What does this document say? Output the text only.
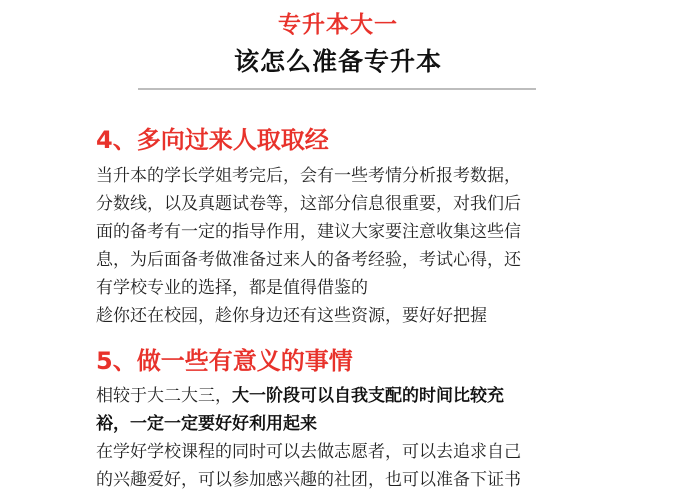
专升本大一
该怎么准备专升本
4、多向过来人取取经
当升本的学长学姐考完后，会有一些考情分析报考数据，
分数线，以及真题试卷等，这部分信息很重要，对我们后
面的备考有一定的指导作用，建议大家要注意收集这些信
息，为后面备考做准备过来人的备考经验，考试心得，还
有学校专业的选择，都是值得借鉴的
趁你还在校园，趁你身边还有这些资源，要好好把握
5、做一些有意义的事情
相较于大二大三，大一阶段可以自我支配的时间比较充
裕，一定一定要好好利用起来
在学好学校课程的同时可以去做志愿者，可以去追求自己
的兴趣爱好，可以参加感兴趣的社团，也可以准备下证书
